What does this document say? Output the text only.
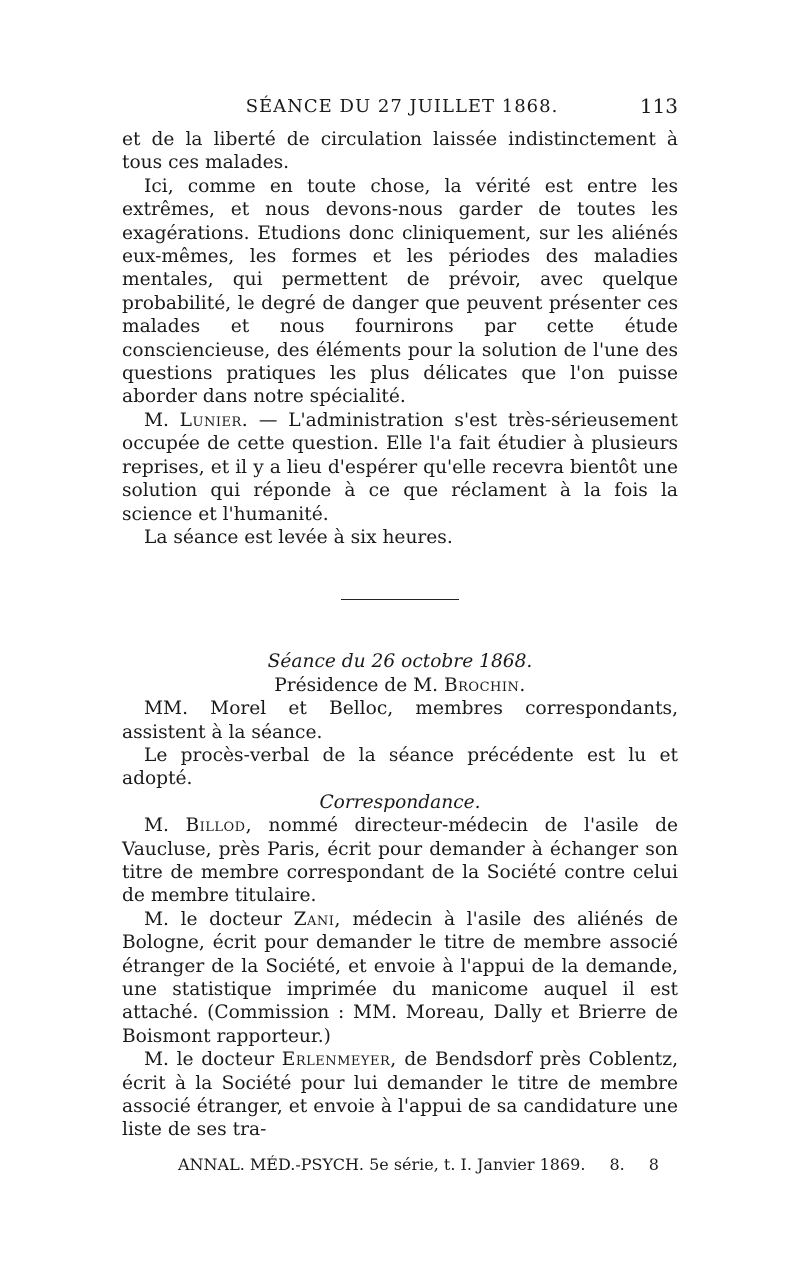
SÉANCE DU 27 JUILLET 1868.	113

et de la liberté de circulation laissée indistinctement à tous ces malades.

Ici, comme en toute chose, la vérité est entre les extrêmes, et nous devons-nous garder de toutes les exagérations. Etudions donc cliniquement, sur les aliénés eux-mêmes, les formes et les périodes des maladies mentales, qui permettent de prévoir, avec quelque probabilité, le degré de danger que peuvent présenter ces malades et nous fournirons par cette étude consciencieuse, des éléments pour la solution de l'une des questions pratiques les plus délicates que l'on puisse aborder dans notre spécialité.

M. Lunier. — L'administration s'est très-sérieusement occupée de cette question. Elle l'a fait étudier à plusieurs reprises, et il y a lieu d'espérer qu'elle recevra bientôt une solution qui réponde à ce que réclament à la fois la science et l'humanité.

La séance est levée à six heures.

Séance du 26 octobre 1868.

Présidence de M. Brochin.

MM. Morel et Belloc, membres correspondants, assistent à la séance.

Le procès-verbal de la séance précédente est lu et adopté.

Correspondance.

M. Billod, nommé directeur-médecin de l'asile de Vaucluse, près Paris, écrit pour demander à échanger son titre de membre correspondant de la Société contre celui de membre titulaire.

M. le docteur Zani, médecin à l'asile des aliénés de Bologne, écrit pour demander le titre de membre associé étranger de la Société, et envoie à l'appui de la demande, une statistique imprimée du manicome auquel il est attaché. (Commission : MM. Moreau, Dally et Brierre de Boismont rapporteur.)

M. le docteur Erlenmeyer, de Bendsdorf près Coblentz, écrit à la Société pour lui demander le titre de membre associé étranger, et envoie à l'appui de sa candidature une liste de ses tra-

ANNAL. MÉD.-PSYCH. 5e série, t. I. Janvier 1869. 8. 8
